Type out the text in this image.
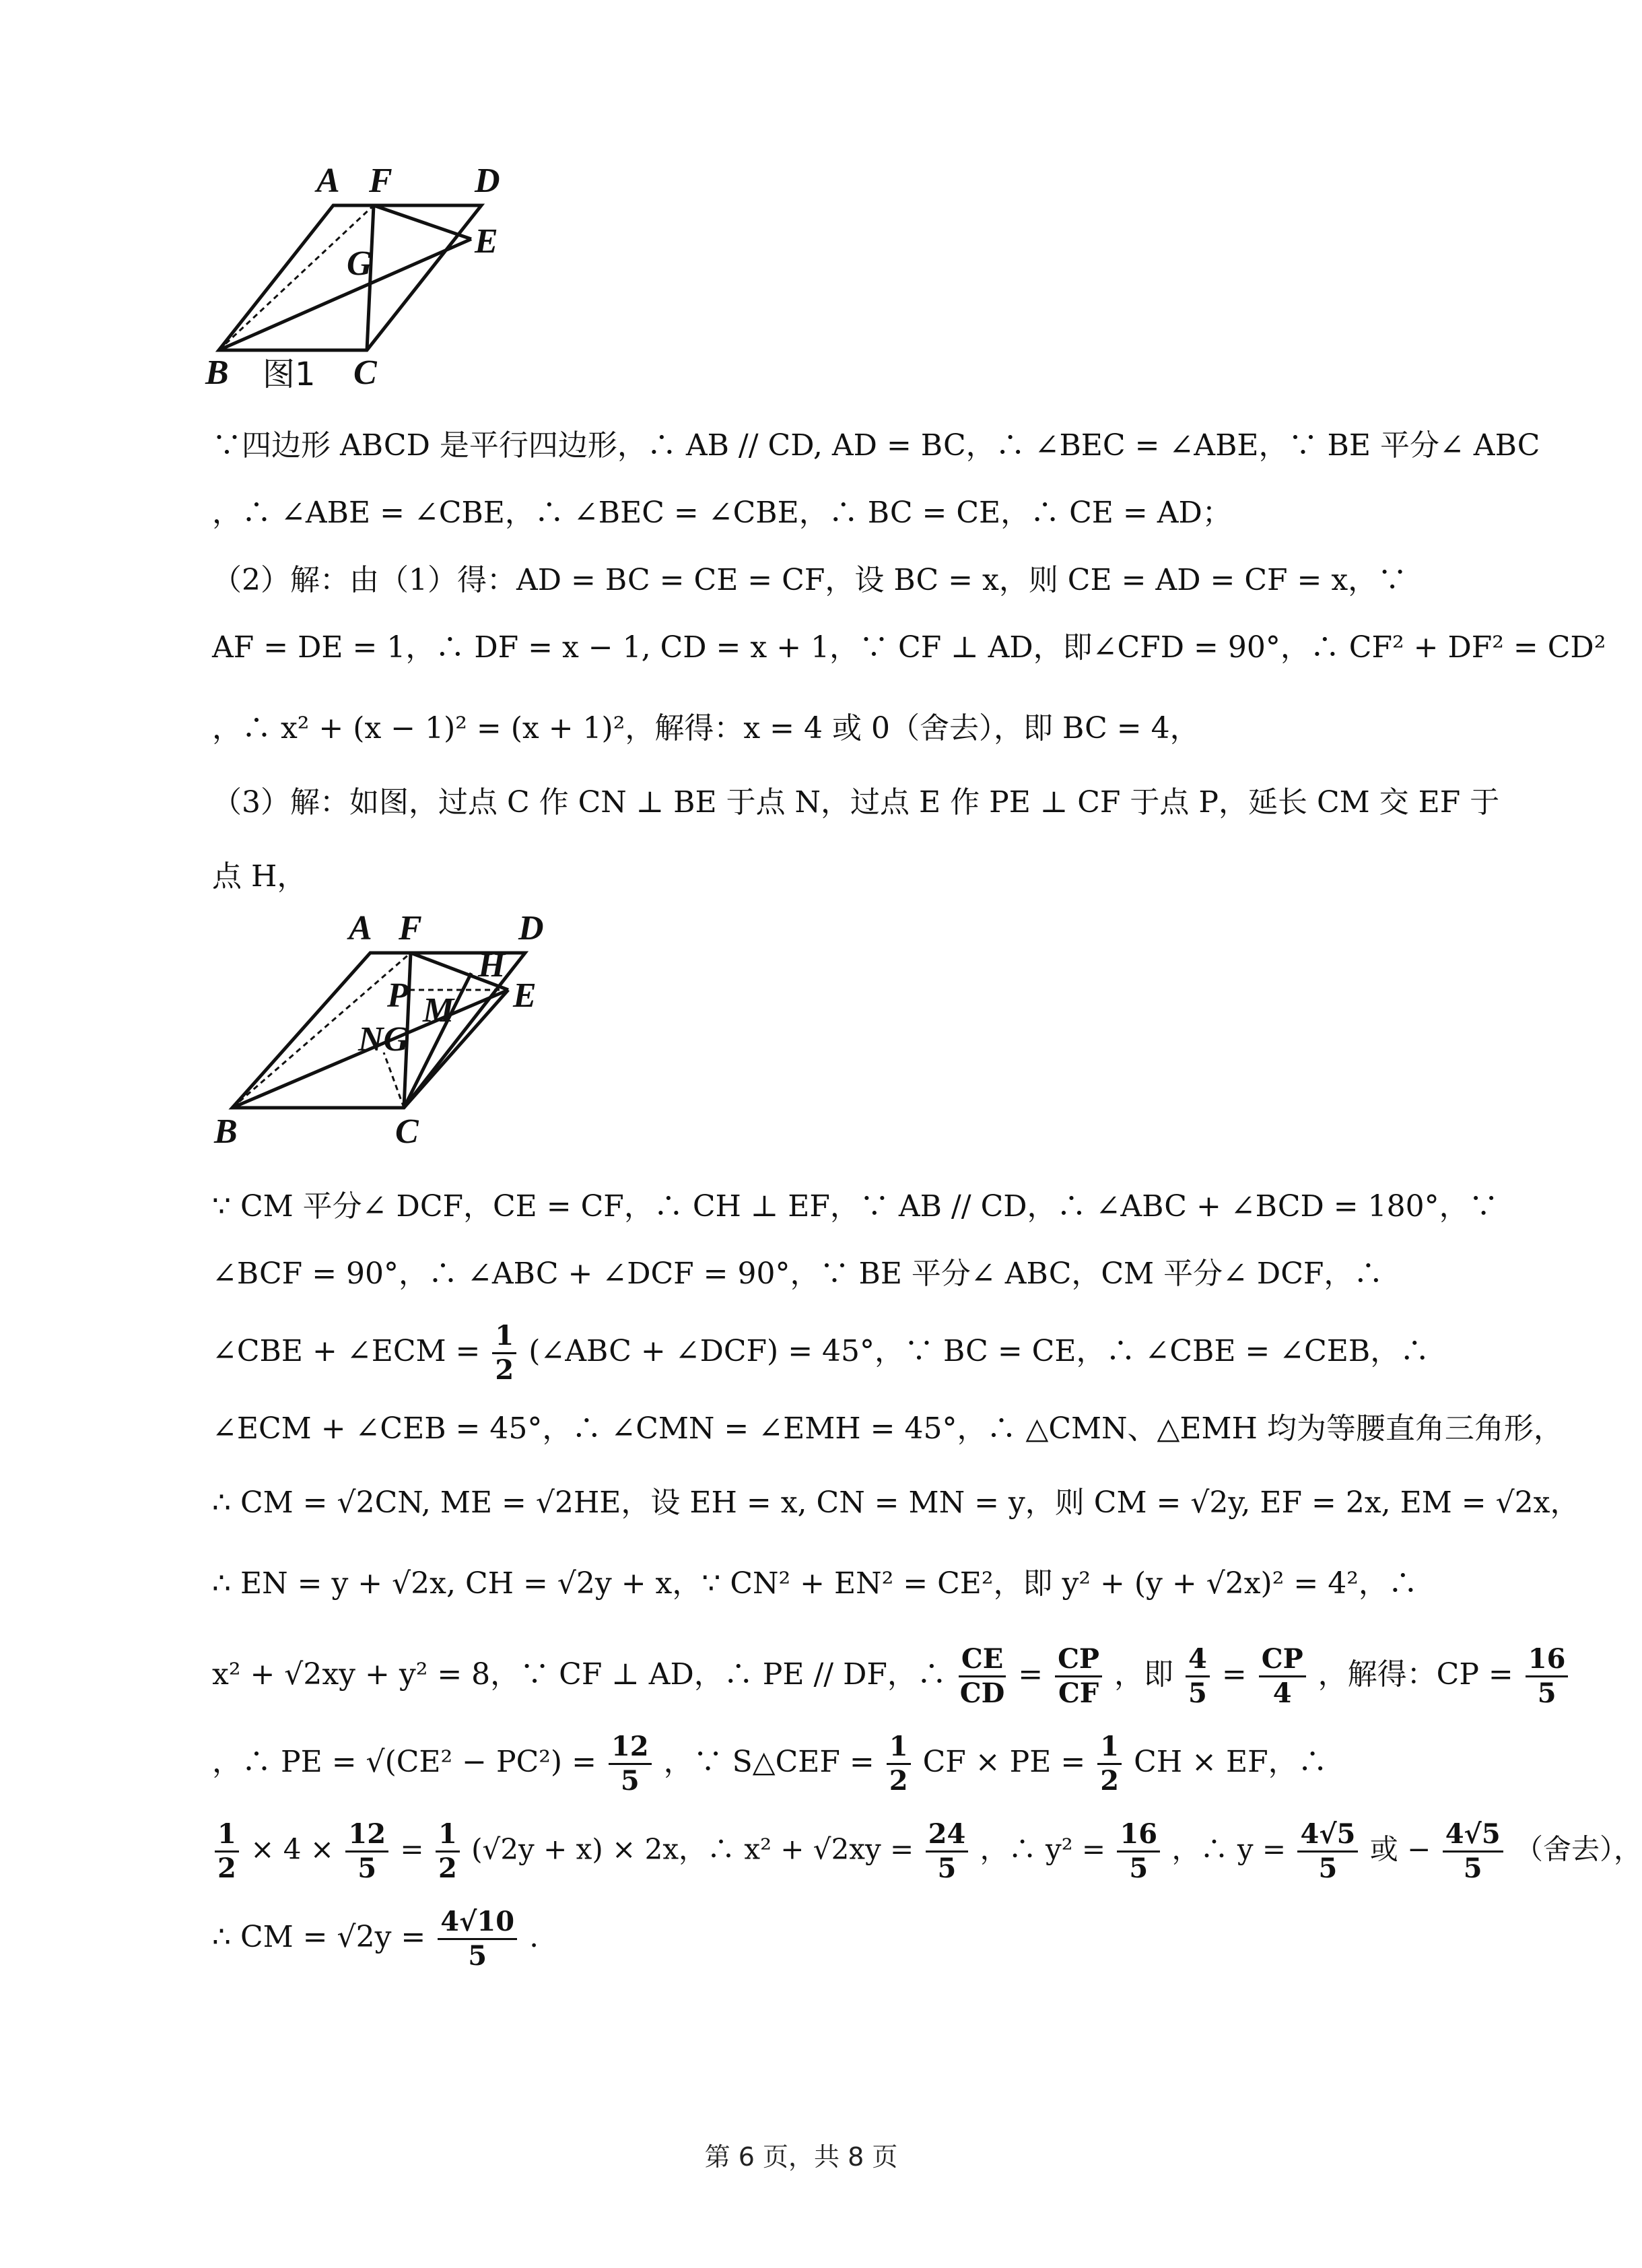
A F D
E
G
B 图1 C
∵四边形 ABCD 是平行四边形，∴ AB // CD, AD = BC，∴ ∠BEC = ∠ABE，∵ BE 平分∠ ABC
，∴ ∠ABE = ∠CBE，∴ ∠BEC = ∠CBE，∴ BC = CE，∴ CE = AD；
（2）解：由（1）得：AD = BC = CE = CF，设 BC = x，则 CE = AD = CF = x，∵
AF = DE = 1，∴ DF = x − 1, CD = x + 1，∵ CF ⊥ AD，即∠CFD = 90°，∴ CF² + DF² = CD²
，∴ x² + (x − 1)² = (x + 1)²，解得：x = 4 或 0（舍去），即 BC = 4，
（3）解：如图，过点 C 作 CN ⊥ BE 于点 N，过点 E 作 PE ⊥ CF 于点 P，延长 CM 交 EF 于
点 H，
A F	D
H
P M E
NG
B	C
∵ CM 平分∠ DCF，CE = CF，∴ CH ⊥ EF，∵ AB // CD，∴ ∠ABC + ∠BCD = 180°，∵
∠BCF = 90°，∴ ∠ABC + ∠DCF = 90°，∵ BE 平分∠ ABC，CM 平分∠ DCF，∴
∠CBE + ∠ECM = $\frac{1}{2}$ (∠ABC + ∠DCF) = 45°，∵ BC = CE，∴ ∠CBE = ∠CEB，∴
∠ECM + ∠CEB = 45°，∴ ∠CMN = ∠EMH = 45°，∴ △CMN、△EMH 均为等腰直角三角形，
∴ CM = √2CN, ME = √2HE，设 EH = x, CN = MN = y，则 CM = √2y, EF = 2x, EM = √2x，
∴ EN = y + √2x, CH = √2y + x，∵ CN² + EN² = CE²，即 y² + (y + √2x)² = 4²，∴
x² + √2xy + y² = 8，∵ CF ⊥ AD，∴ PE // DF，∴ $\frac{CE}{CD} = \frac{CP}{CF}$ ，即 $\frac{4}{5} = \frac{CP}{4}$ ，解得：CP = $\frac{16}{5}$
，∴ PE = $√(CE^2 - PC^2) = \frac{12}{5}$ ，∵ S△CEF = $\frac{1}{2}$ CF × PE = $\frac{1}{2}$ CH × EF，∴
$\frac{1}{2} \times 4 \times \frac{12}{5} = \frac{1}{2} (√2y + x) \times 2x$，∴ $x^2 + √2xy = \frac{24}{5}$ ，∴ $y^2 = \frac{16}{5}$ ，∴ $y = \frac{4√5}{5}$ 或 − $\frac{4√5}{5}$ （舍去），
∴ CM = $√2y = \frac{4√10}{5}$ .
第 6 页，共 8 页
